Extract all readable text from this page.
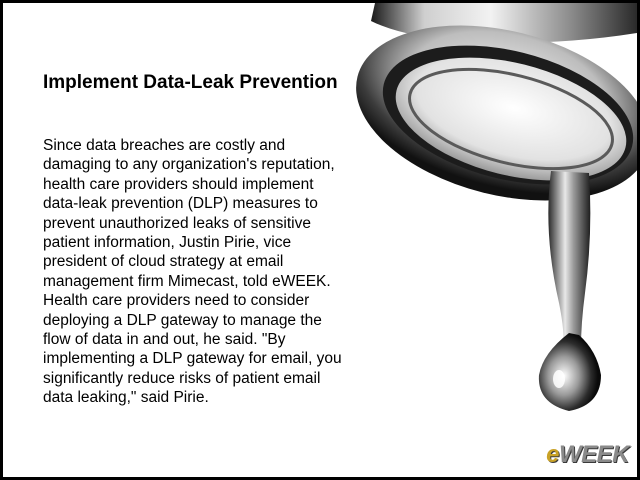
Implement Data-Leak Prevention

Since data breaches are costly and damaging to any organization's reputation, health care providers should implement data-leak prevention (DLP) measures to prevent unauthorized leaks of sensitive patient information, Justin Pirie, vice president of cloud strategy at email management firm Mimecast, told eWEEK. Health care providers need to consider deploying a DLP gateway to manage the flow of data in and out, he said. "By implementing a DLP gateway for email, you significantly reduce risks of patient email data leaking," said Pirie.

eWEEK
